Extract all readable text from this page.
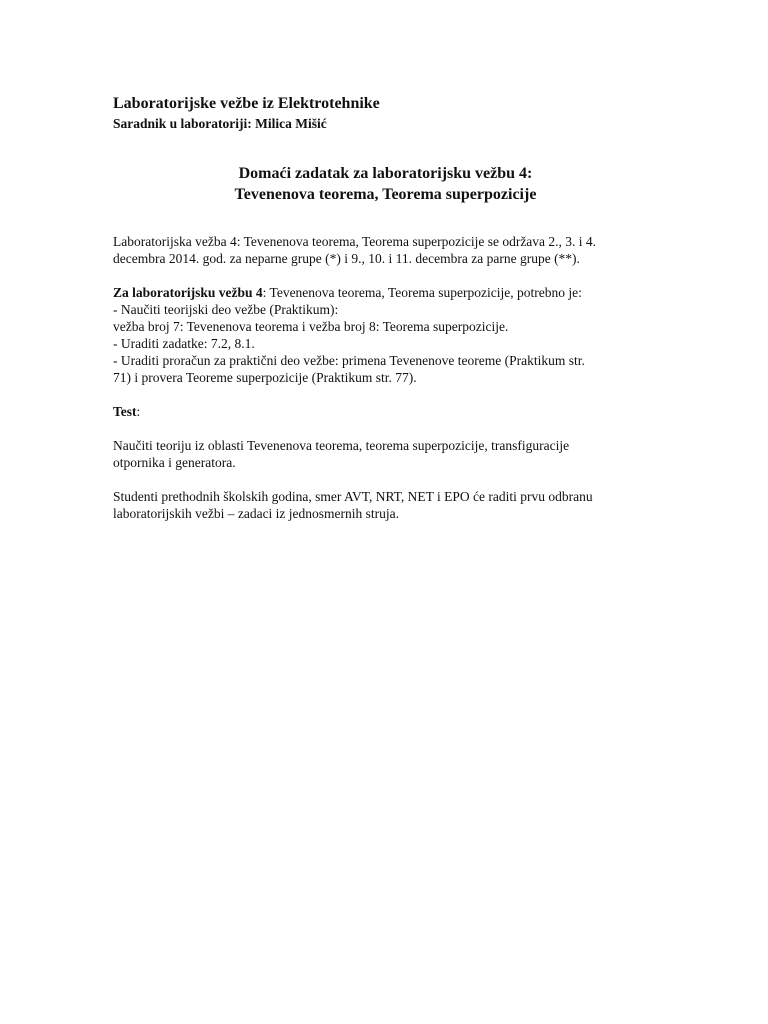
Laboratorijske vežbe iz Elektrotehnike

Saradnik u laboratoriji: Milica Mišić

Domaći zadatak za laboratorijsku vežbu 4:
Tevenenova teorema, Teorema superpozicije

Laboratorijska vežba 4: Tevenenova teorema, Teorema superpozicije se održava 2., 3. i 4.
decembra 2014. god. za neparne grupe (*) i 9., 10. i 11. decembra za parne grupe (**).

Za laboratorijsku vežbu 4: Tevenenova teorema, Teorema superpozicije, potrebno je:
- Naučiti teorijski deo vežbe (Praktikum):
vežba broj 7: Tevenenova teorema i vežba broj 8: Teorema superpozicije.
- Uraditi zadatke: 7.2, 8.1.
- Uraditi proračun za praktični deo vežbe: primena Tevenenove teoreme (Praktikum str.
71) i provera Teoreme superpozicije (Praktikum str. 77).

Test:

Naučiti teoriju iz oblasti Tevenenova teorema, teorema superpozicije, transfiguracije
otpornika i generatora.

Studenti prethodnih školskih godina, smer AVT, NRT, NET i EPO će raditi prvu odbranu
laboratorijskih vežbi – zadaci iz jednosmernih struja.
